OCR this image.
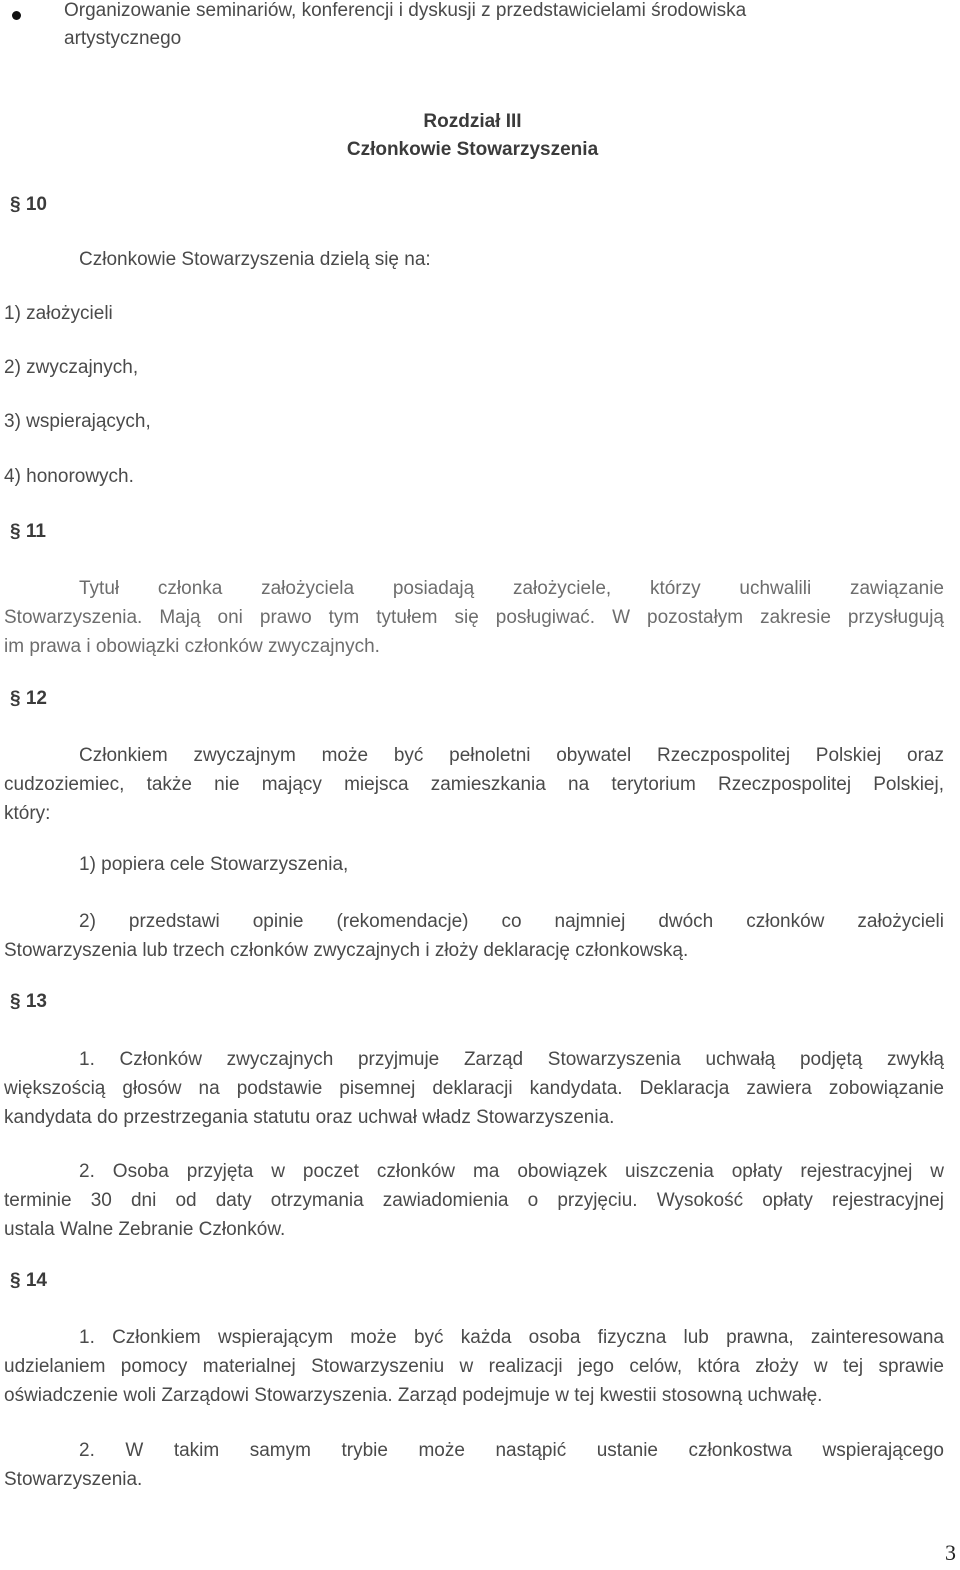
Organizowanie seminariów, konferencji i dyskusji z przedstawicielami środowiska
artystycznego
Rozdział III
Członkowie Stowarzyszenia
§ 10
Członkowie Stowarzyszenia dzielą się na:
1) założycieli
2) zwyczajnych,
3) wspierających,
4) honorowych.
§ 11
Tytuł członka założyciela posiadają założyciele, którzy uchwalili zawiązanie
Stowarzyszenia. Mają oni prawo tym tytułem się posługiwać. W pozostałym zakresie przysługują
im prawa i obowiązki członków zwyczajnych.
§ 12
Członkiem zwyczajnym może być pełnoletni obywatel Rzeczpospolitej Polskiej oraz
cudzoziemiec, także nie mający miejsca zamieszkania na terytorium Rzeczpospolitej Polskiej,
który:
1) popiera cele Stowarzyszenia,
2) przedstawi opinie (rekomendacje) co najmniej dwóch członków założycieli
Stowarzyszenia lub trzech członków zwyczajnych i złoży deklarację członkowską.
§ 13
1. Członków zwyczajnych przyjmuje Zarząd Stowarzyszenia uchwałą podjętą zwykłą
większością głosów na podstawie pisemnej deklaracji kandydata. Deklaracja zawiera zobowiązanie
kandydata do przestrzegania statutu oraz uchwał władz Stowarzyszenia.
2. Osoba przyjęta w poczet członków ma obowiązek uiszczenia opłaty rejestracyjnej w
terminie 30 dni od daty otrzymania zawiadomienia o przyjęciu. Wysokość opłaty rejestracyjnej
ustala Walne Zebranie Członków.
§ 14
1. Członkiem wspierającym może być każda osoba fizyczna lub prawna, zainteresowana
udzielaniem pomocy materialnej Stowarzyszeniu w realizacji jego celów, która złoży w tej sprawie
oświadczenie woli Zarządowi Stowarzyszenia. Zarząd podejmuje w tej kwestii stosowną uchwałę.
2. W takim samym trybie może nastąpić ustanie członkostwa wspierającego
Stowarzyszenia.
3
